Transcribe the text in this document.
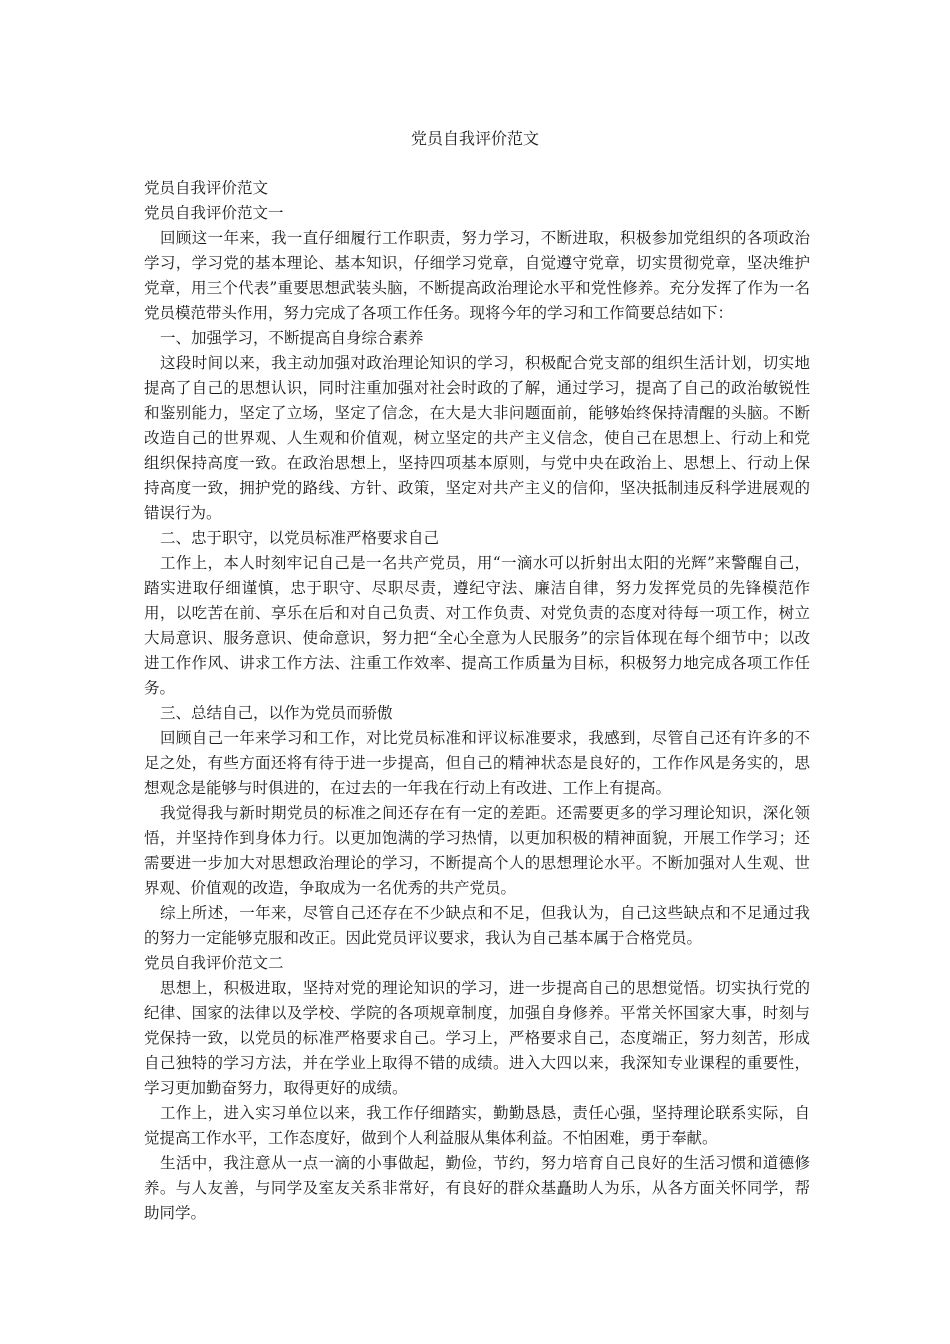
党员自我评价范文

党员自我评价范文

党员自我评价范文一

回顾这一年来，我一直仔细履行工作职责，努力学习，不断进取，积极参加党组织的各项政治学习，学习党的基本理论、基本知识，仔细学习党章，自觉遵守党章，切实贯彻党章，坚决维护党章，用三个代表”重要思想武装头脑，不断提高政治理论水平和党性修养。充分发挥了作为一名党员模范带头作用，努力完成了各项工作任务。现将今年的学习和工作简要总结如下：

一、加强学习，不断提高自身综合素养

这段时间以来，我主动加强对政治理论知识的学习，积极配合党支部的组织生活计划，切实地提高了自己的思想认识，同时注重加强对社会时政的了解，通过学习，提高了自己的政治敏锐性和鉴别能力，坚定了立场，坚定了信念，在大是大非问题面前，能够始终保持清醒的头脑。不断改造自己的世界观、人生观和价值观，树立坚定的共产主义信念，使自己在思想上、行动上和党组织保持高度一致。在政治思想上，坚持四项基本原则，与党中央在政治上、思想上、行动上保持高度一致，拥护党的路线、方针、政策，坚定对共产主义的信仰，坚决抵制违反科学进展观的错误行为。

二、忠于职守，以党员标准严格要求自己

工作上，本人时刻牢记自己是一名共产党员，用“一滴水可以折射出太阳的光辉”来警醒自己，踏实进取仔细谨慎，忠于职守、尽职尽责，遵纪守法、廉洁自律，努力发挥党员的先锋模范作用，以吃苦在前、享乐在后和对自己负责、对工作负责、对党负责的态度对待每一项工作，树立大局意识、服务意识、使命意识，努力把“全心全意为人民服务”的宗旨体现在每个细节中；以改进工作作风、讲求工作方法、注重工作效率、提高工作质量为目标，积极努力地完成各项工作任务。

三、总结自己，以作为党员而骄傲

回顾自己一年来学习和工作，对比党员标准和评议标准要求，我感到，尽管自己还有许多的不足之处，有些方面还将有待于进一步提高，但自己的精神状态是良好的，工作作风是务实的，思想观念是能够与时俱进的，在过去的一年我在行动上有改进、工作上有提高。

我觉得我与新时期党员的标准之间还存在有一定的差距。还需要更多的学习理论知识，深化领悟，并坚持作到身体力行。以更加饱满的学习热情，以更加积极的精神面貌，开展工作学习；还需要进一步加大对思想政治理论的学习，不断提高个人的思想理论水平。不断加强对人生观、世界观、价值观的改造，争取成为一名优秀的共产党员。

综上所述，一年来，尽管自己还存在不少缺点和不足，但我认为，自己这些缺点和不足通过我的努力一定能够克服和改正。因此党员评议要求，我认为自己基本属于合格党员。

党员自我评价范文二

思想上，积极进取，坚持对党的理论知识的学习，进一步提高自己的思想觉悟。切实执行党的纪律、国家的法律以及学校、学院的各项规章制度，加强自身修养。平常关怀国家大事，时刻与党保持一致，以党员的标准严格要求自己。学习上，严格要求自己，态度端正，努力刻苦，形成自己独特的学习方法，并在学业上取得不错的成绩。进入大四以来，我深知专业课程的重要性，学习更加勤奋努力，取得更好的成绩。

工作上，进入实习单位以来，我工作仔细踏实，勤勤恳恳，责任心强，坚持理论联系实际，自觉提高工作水平，工作态度好，做到个人利益服从集体利益。不怕困难，勇于奉献。

生活中，我注意从一点一滴的小事做起，勤俭，节约，努力培育自己良好的生活习惯和道德修养。与人友善，与同学及室友关系非常好，有良好的群众基矗助人为乐，从各方面关怀同学，帮助同学。
